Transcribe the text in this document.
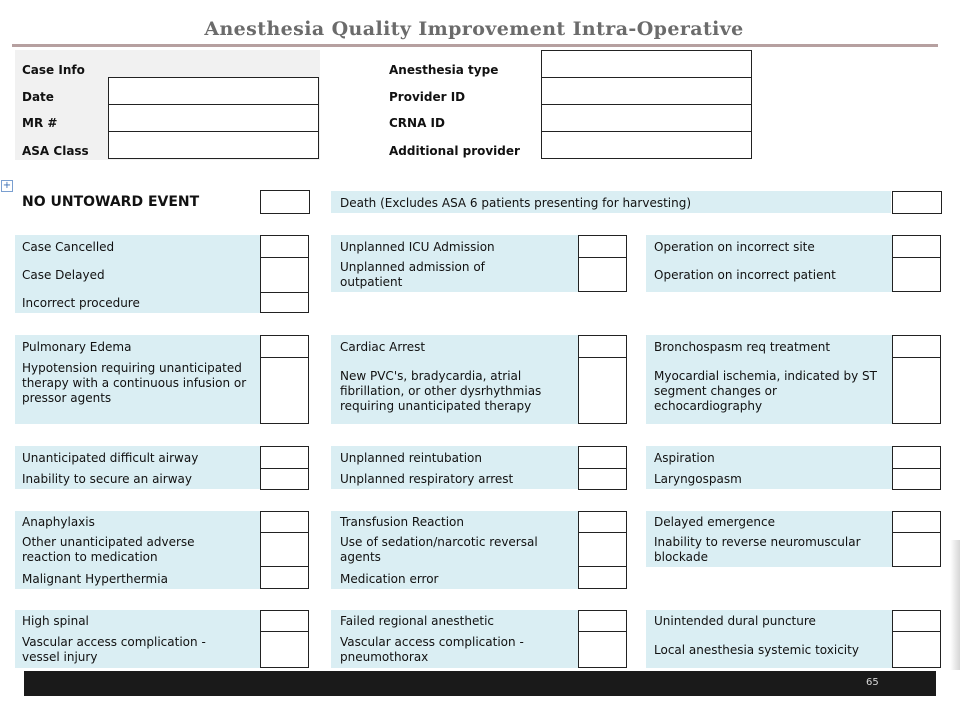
Anesthesia Quality Improvement Intra-Operative
Case Info
Date
MR #
ASA Class
Anesthesia type
Provider ID
CRNA ID
Additional provider
+
NO UNTOWARD EVENT	Death (Excludes ASA 6 patients presenting for harvesting)
Case Cancelled
Case Delayed
Incorrect procedure
Unplanned ICU Admission
Unplanned admission of outpatient
Operation on incorrect site
Operation on incorrect patient
Pulmonary Edema
Hypotension requiring unanticipated therapy with a continuous infusion or pressor agents
Cardiac Arrest
New PVC's, bradycardia, atrial fibrillation, or other dysrhythmias requiring unanticipated therapy
Bronchospasm req treatment
Myocardial ischemia, indicated by ST segment changes or echocardiography
Unanticipated difficult airway
Inability to secure an airway
Unplanned reintubation
Unplanned respiratory arrest
Aspiration
Laryngospasm
Anaphylaxis
Other unanticipated adverse reaction to medication
Malignant Hyperthermia
Transfusion Reaction
Use of sedation/narcotic reversal agents
Medication error
Delayed emergence
Inability to reverse neuromuscular blockade
High spinal
Vascular access complication - vessel injury
Failed regional anesthetic
Vascular access complication - pneumothorax
Unintended dural puncture
Local anesthesia systemic toxicity
65
